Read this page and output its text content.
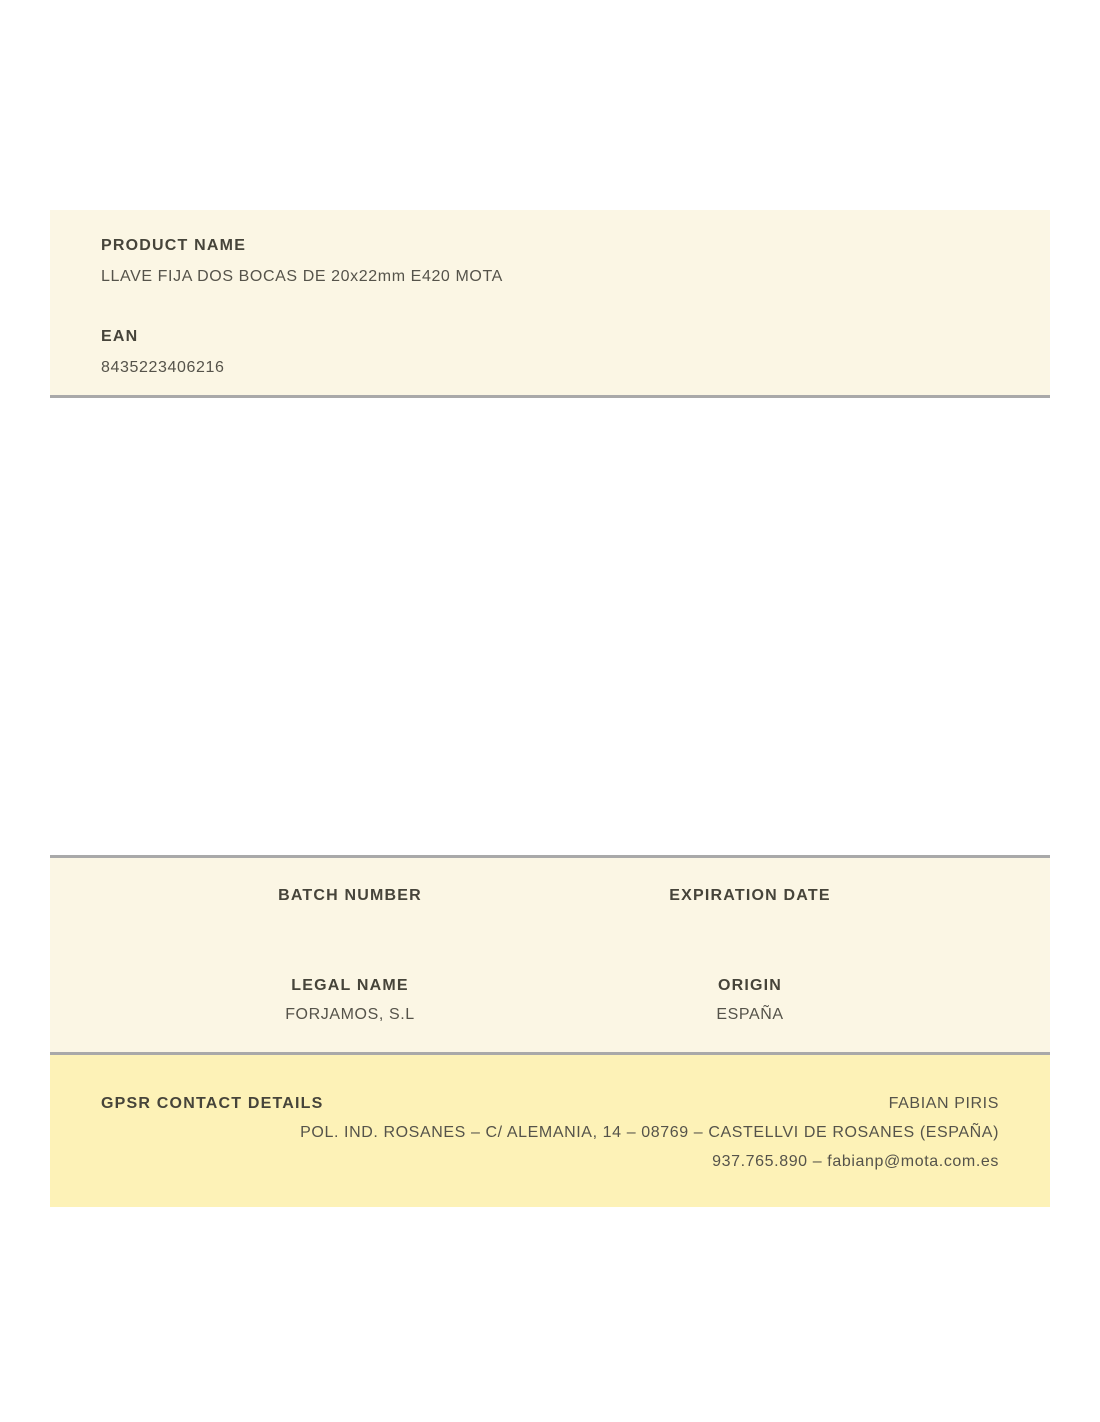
PRODUCT NAME
LLAVE FIJA DOS BOCAS DE 20x22mm E420 MOTA
EAN
8435223406216
BATCH NUMBER	EXPIRATION DATE
LEGAL NAME
FORJAMOS, S.L
ORIGIN
ESPAÑA
GPSR CONTACT DETAILS	FABIAN PIRIS
POL. IND. ROSANES – C/ ALEMANIA, 14 – 08769 – CASTELLVI DE ROSANES (ESPAÑA)
937.765.890 – fabianp@mota.com.es
